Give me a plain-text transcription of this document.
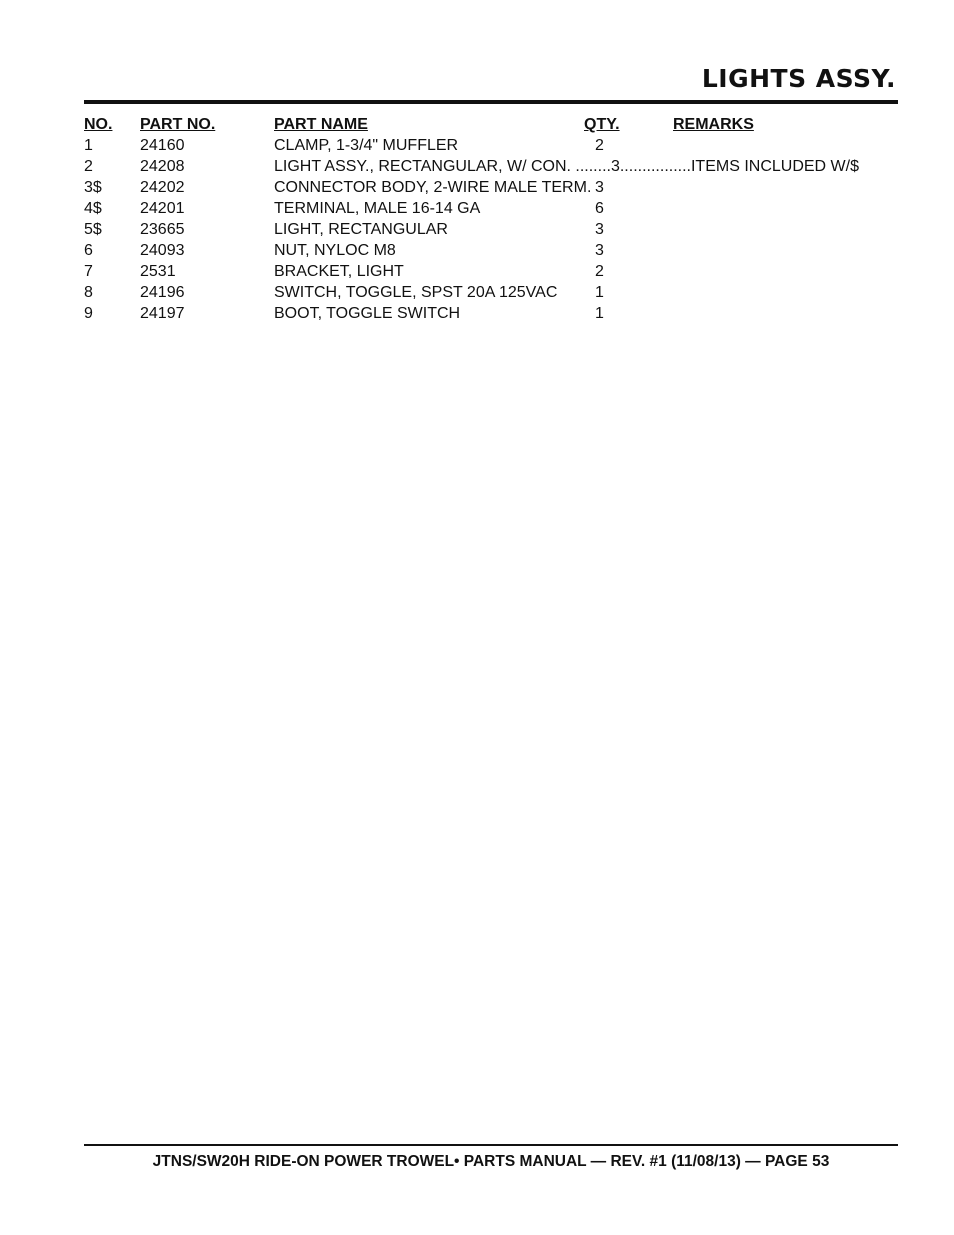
LIGHTS ASSY.
NO. PART NO.	PART NAME	QTY.	REMARKS
1	24160	CLAMP, 1-3/4" MUFFLER	2
2	24208	LIGHT ASSY., RECTANGULAR, W/ CON. ........3................ITEMS INCLUDED W/$
3$ 24202	CONNECTOR BODY, 2-WIRE MALE TERM. 3
4$ 24201	TERMINAL, MALE 16-14 GA	6
5$ 23665	LIGHT, RECTANGULAR	3
6	24093	NUT, NYLOC M8	3
7	2531	BRACKET, LIGHT	2
8	24196	SWITCH, TOGGLE, SPST 20A 125VAC 1
9	24197	BOOT, TOGGLE SWITCH	1
JTNS/SW20H RIDE-ON POWER TROWEL• PARTS MANUAL — REV. #1 (11/08/13) — PAGE 53
